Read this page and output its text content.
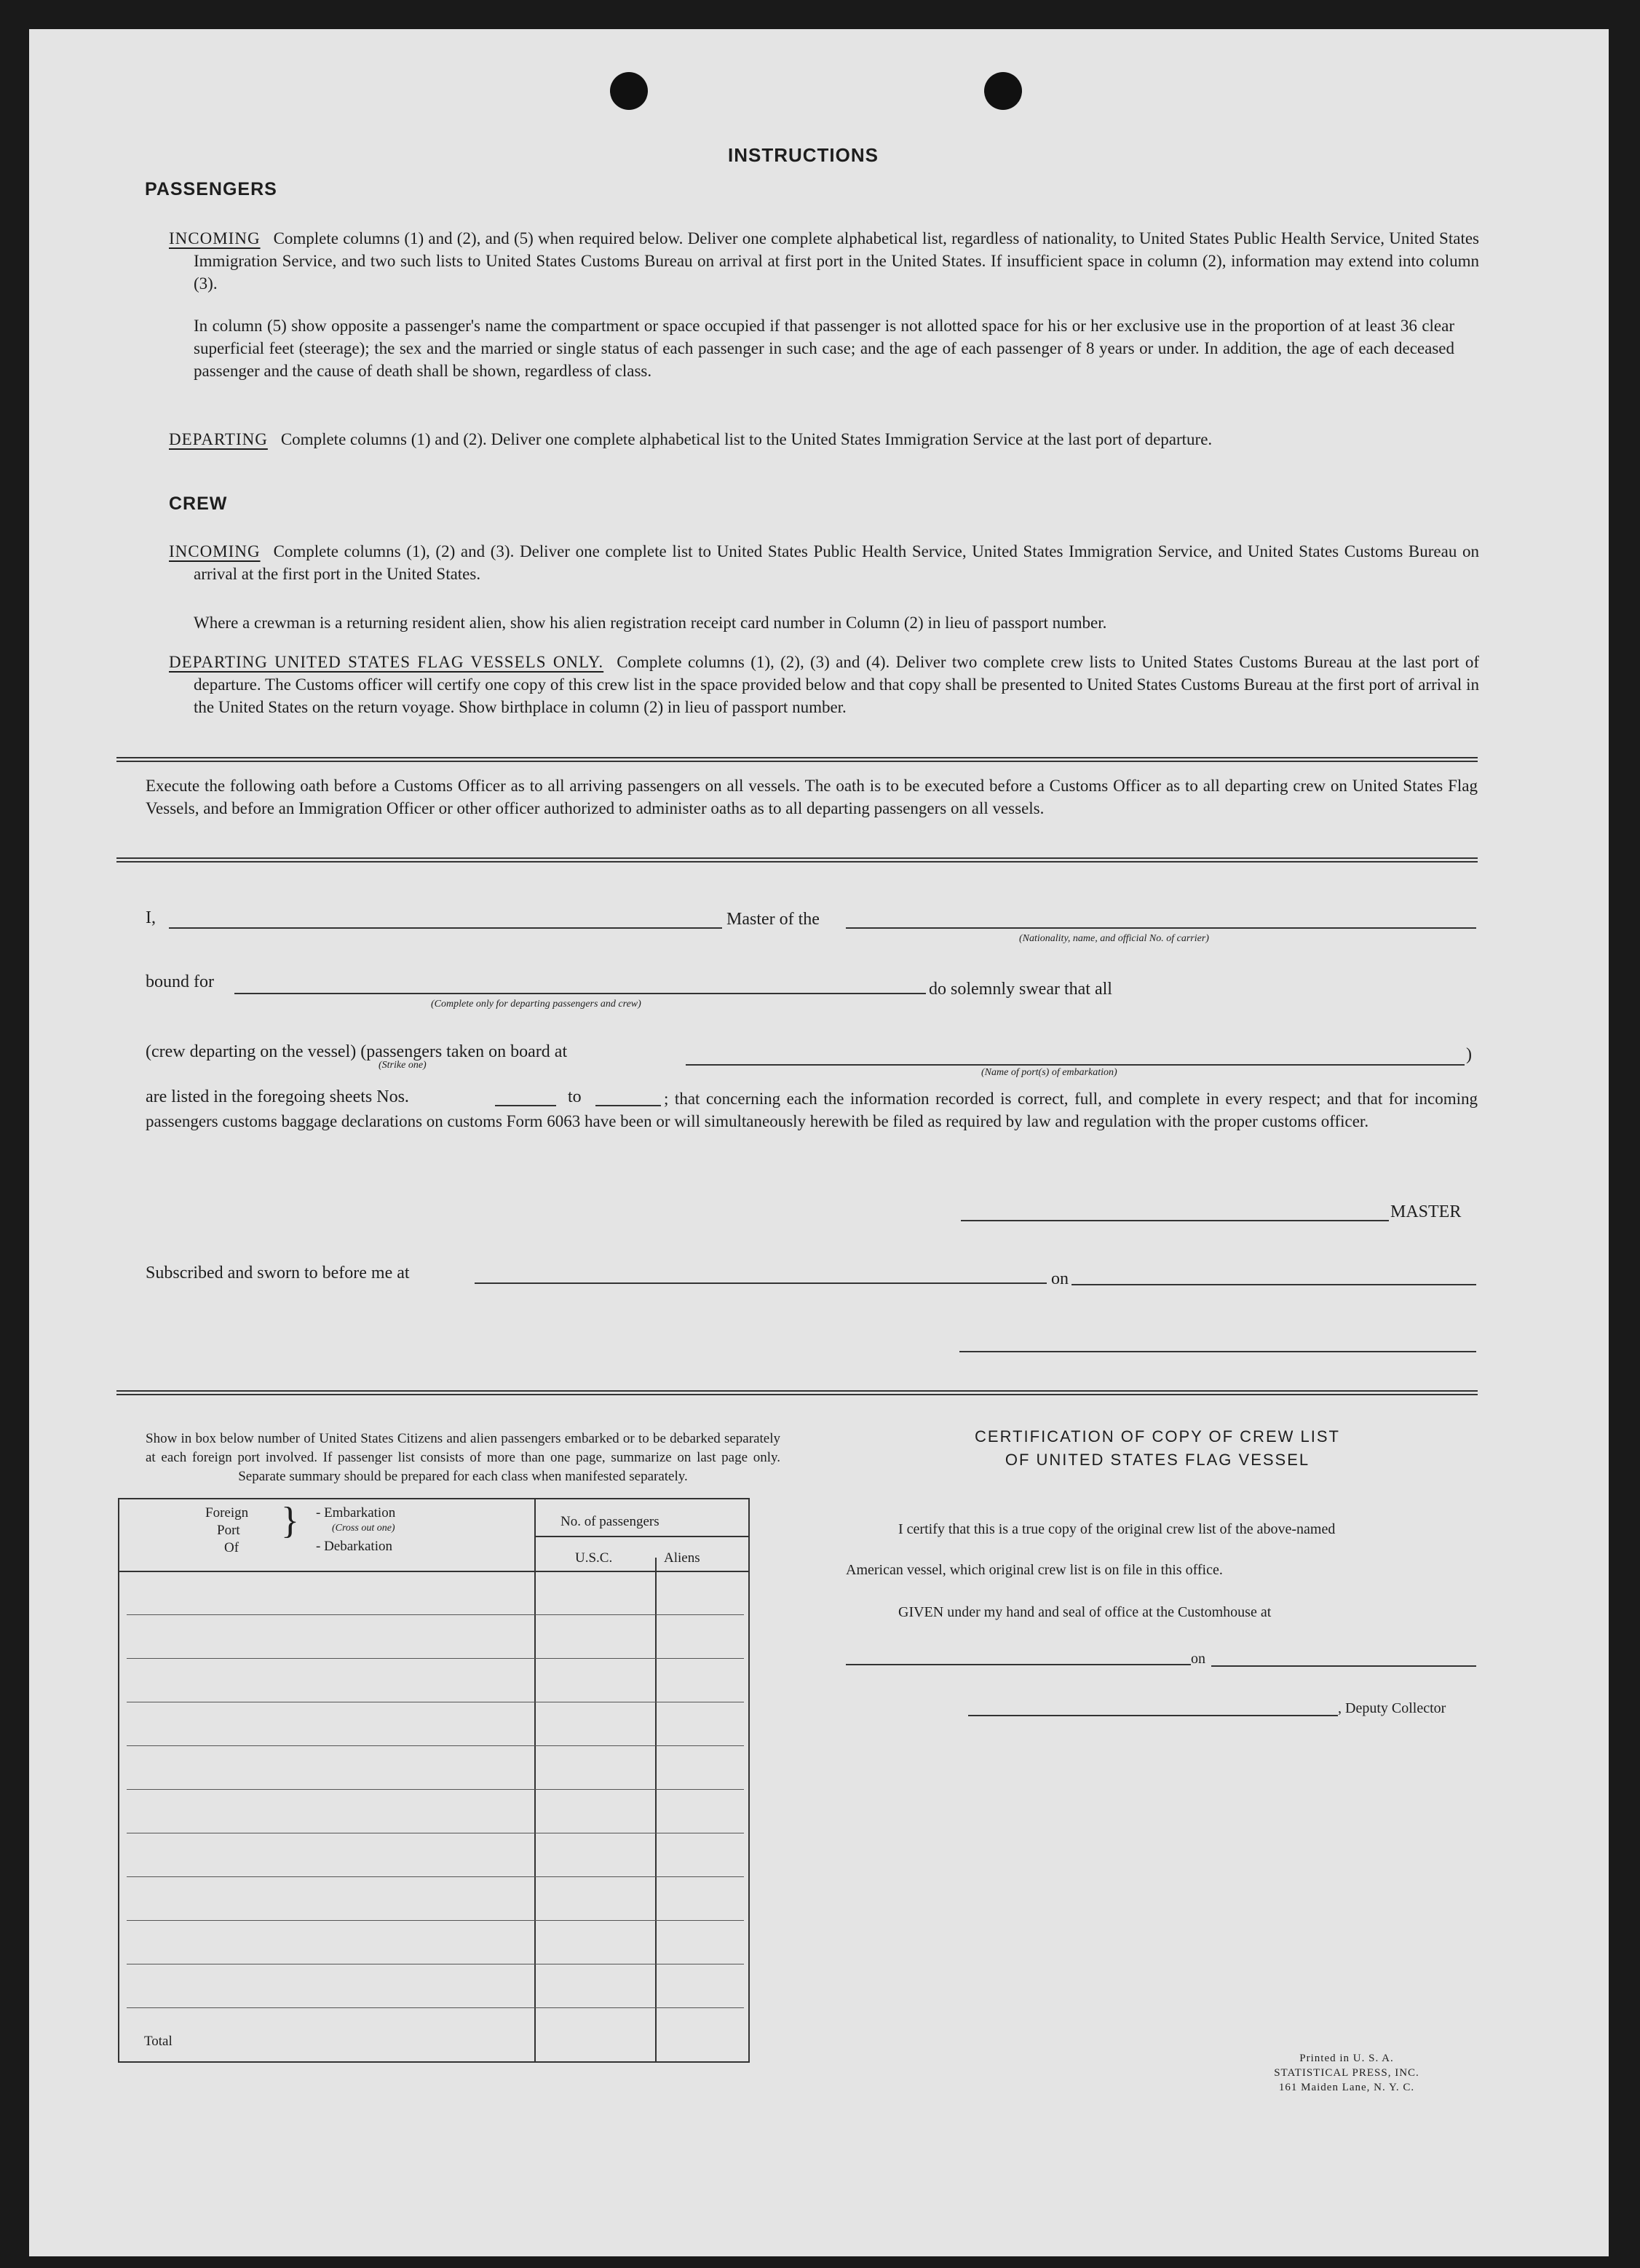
INSTRUCTIONS
PASSENGERS
INCOMING Complete columns (1) and (2), and (5) when required below. Deliver one complete alphabetical list, regardless of nationality, to United States Public Health Service, United States Immigration Service, and two such lists to United States Customs Bureau on arrival at first port in the United States. If insufficient space in column (2), information may extend into column (3).
In column (5) show opposite a passenger's name the compartment or space occupied if that passenger is not allotted space for his or her exclusive use in the proportion of at least 36 clear superficial feet (steerage); the sex and the married or single status of each passenger in such case; and the age of each passenger of 8 years or under. In addition, the age of each deceased passenger and the cause of death shall be shown, regardless of class.
DEPARTING Complete columns (1) and (2). Deliver one complete alphabetical list to the United States Immigration Service at the last port of departure.
CREW
INCOMING Complete columns (1), (2) and (3). Deliver one complete list to United States Public Health Service, United States Immigration Service, and United States Customs Bureau on arrival at the first port in the United States.
Where a crewman is a returning resident alien, show his alien registration receipt card number in Column (2) in lieu of passport number.
DEPARTING UNITED STATES FLAG VESSELS ONLY. Complete columns (1), (2), (3) and (4). Deliver two complete crew lists to United States Customs Bureau at the last port of departure. The Customs officer will certify one copy of this crew list in the space provided below and that copy shall be presented to United States Customs Bureau at the first port of arrival in the United States on the return voyage. Show birthplace in column (2) in lieu of passport number.
Execute the following oath before a Customs Officer as to all arriving passengers on all vessels. The oath is to be executed before a Customs Officer as to all departing crew on United States Flag Vessels, and before an Immigration Officer or other officer authorized to administer oaths as to all departing passengers on all vessels.
I,	Master of the
(Nationality, name, and official No. of carrier)
bound for
(Complete only for departing passengers and crew)
do solemnly swear that all
(crew departing on the vessel) (passengers taken on board at	)
(Strike one)
(Name of port(s) of embarkation)
are listed in the foregoing sheets Nos.	to	; that concerning each the information recorded is correct, full, and complete in every respect; and that for incoming passengers customs baggage declarations on customs Form 6063 have been or will simultaneously herewith be filed as required by law and regulation with the proper customs officer.
MASTER
Subscribed and sworn to before me at	on
Show in box below number of United States Citizens and alien passengers embarked or to be debarked separately at each foreign port involved. If passenger list consists of more than one page, summarize on last page only. Separate summary should be prepared for each class when manifested separately.
Foreign
Port
Of
} - Embarkation
(Cross out one)
- Debarkation
No. of passengers
U.S.C.	Aliens
Total
CERTIFICATION OF COPY OF CREW LIST
OF UNITED STATES FLAG VESSEL
I certify that this is a true copy of the original crew list of the above-named
American vessel, which original crew list is on file in this office.
GIVEN under my hand and seal of office at the Customhouse at
on
, Deputy Collector
Printed in U. S. A.
STATISTICAL PRESS, INC.
161 Maiden Lane, N. Y. C.
